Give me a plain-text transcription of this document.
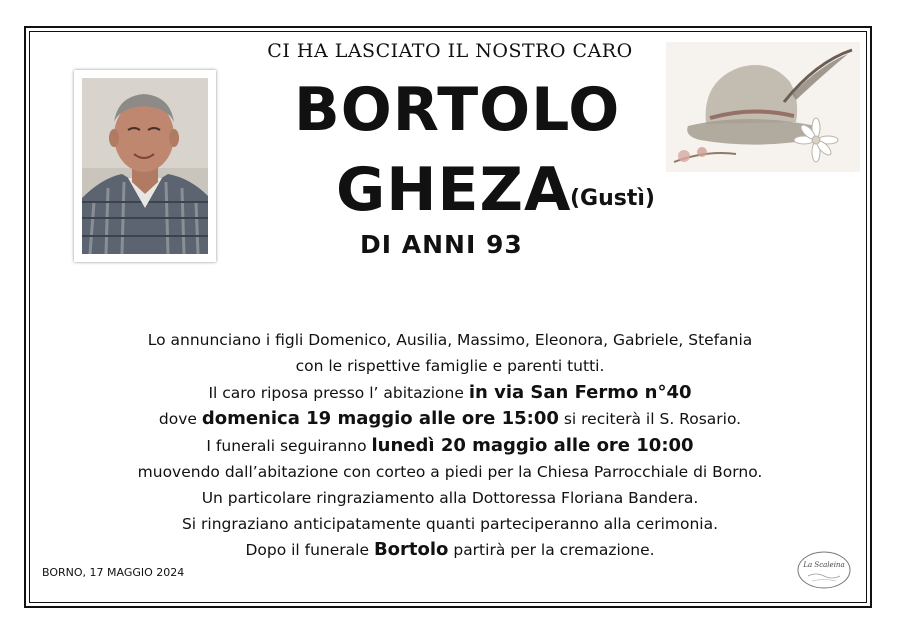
CI HA LASCIATO IL NOSTRO CARO
BORTOLO
GHEZA
(Gustì)
DI ANNI 93
Lo annunciano i figli Domenico, Ausilia, Massimo, Eleonora, Gabriele, Stefania
con le rispettive famiglie e parenti tutti.
Il caro riposa presso l’ abitazione in via San Fermo n°40
dove domenica 19 maggio alle ore 15:00 si reciterà il S. Rosario.
I funerali seguiranno lunedì 20 maggio alle ore 10:00
muovendo dall’abitazione con corteo a piedi per la Chiesa Parrocchiale di Borno.
Un particolare ringraziamento alla Dottoressa Floriana Bandera.
Si ringraziano anticipatamente quanti parteciperanno alla cerimonia.
Dopo il funerale Bortolo partirà per la cremazione.
BORNO, 17 MAGGIO 2024
La Scaleina
